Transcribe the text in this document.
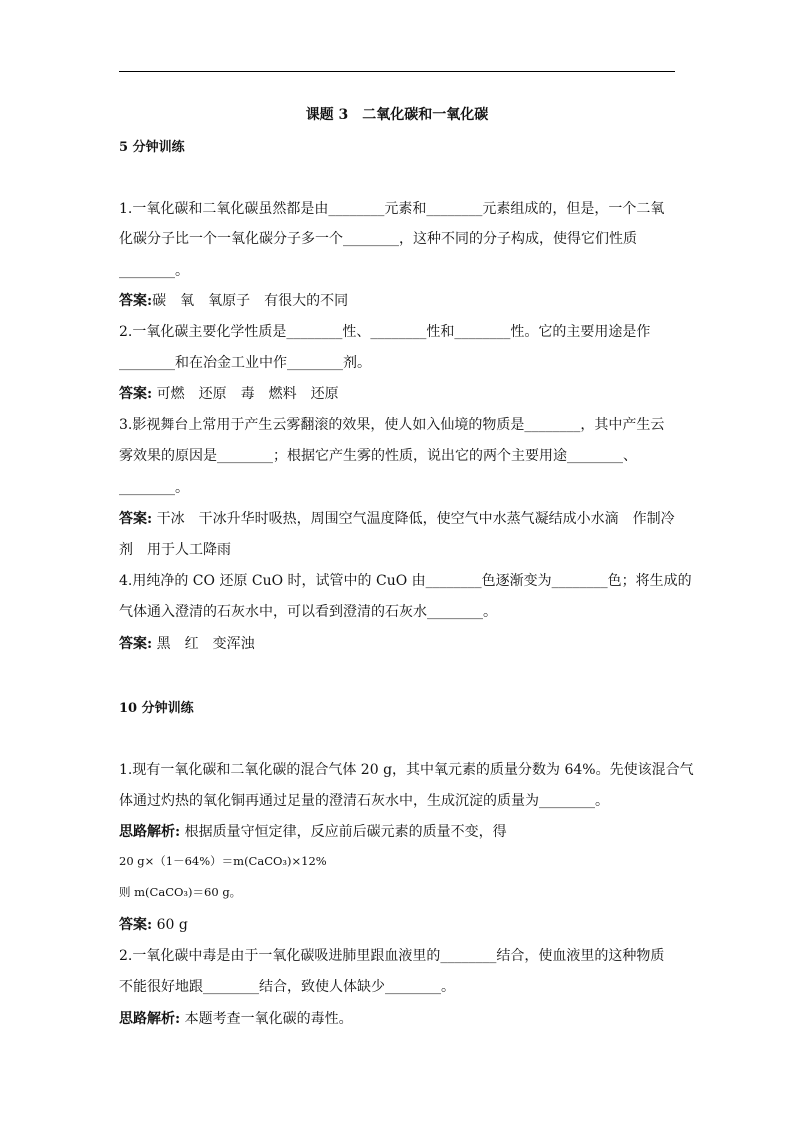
课题 3　二氧化碳和一氧化碳
5 分钟训练
1.一氧化碳和二氧化碳虽然都是由________元素和________元素组成的，但是，一个二氧
化碳分子比一个一氧化碳分子多一个________，这种不同的分子构成，使得它们性质
________。
答案:碳　氧　氧原子　有很大的不同
2.一氧化碳主要化学性质是________性、________性和________性。它的主要用途是作
________和在冶金工业中作________剂。
答案: 可燃　还原　毒　燃料　还原
3.影视舞台上常用于产生云雾翻滚的效果，使人如入仙境的物质是________，其中产生云
雾效果的原因是________；根据它产生雾的性质，说出它的两个主要用途________、
________。
答案: 干冰　干冰升华时吸热，周围空气温度降低，使空气中水蒸气凝结成小水滴　作制冷
剂　用于人工降雨
4.用纯净的 CO 还原 CuO 时，试管中的 CuO 由________色逐渐变为________色；将生成的
气体通入澄清的石灰水中，可以看到澄清的石灰水________。
答案: 黑　红　变浑浊
10 分钟训练
1.现有一氧化碳和二氧化碳的混合气体 20 g，其中氧元素的质量分数为 64%。先使该混合气
体通过灼热的氧化铜再通过足量的澄清石灰水中，生成沉淀的质量为________。
思路解析: 根据质量守恒定律，反应前后碳元素的质量不变，得
20 g×（1－64%）＝m(CaCO₃)×12%
则 m(CaCO₃)＝60 g。
答案: 60 g
2.一氧化碳中毒是由于一氧化碳吸进肺里跟血液里的________结合，使血液里的这种物质
不能很好地跟________结合，致使人体缺少________。
思路解析: 本题考查一氧化碳的毒性。
